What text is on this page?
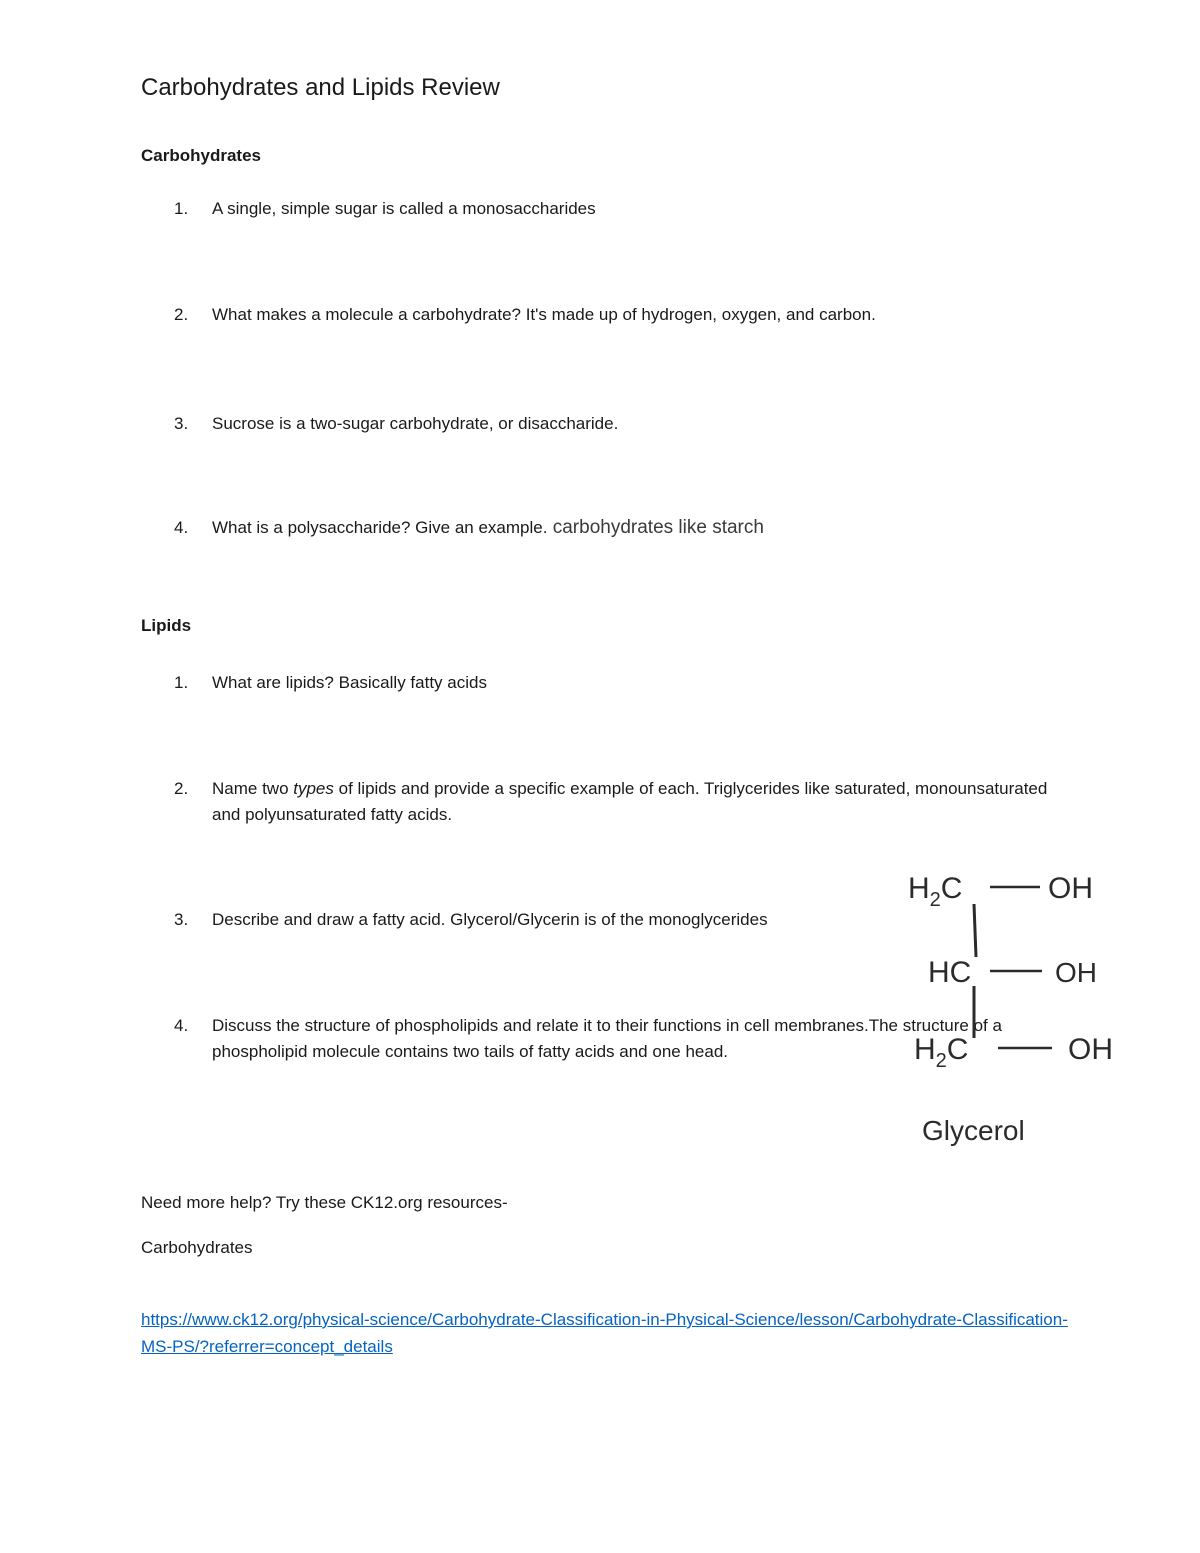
Carbohydrates and Lipids Review
Carbohydrates
1.	A single, simple sugar is called a monosaccharides
2.	What makes a molecule a carbohydrate? It's made up of hydrogen, oxygen, and carbon.
3.	Sucrose is a two-sugar carbohydrate, or disaccharide.
4.	What is a polysaccharide? Give an example. carbohydrates like starch
Lipids
1.	What are lipids? Basically fatty acids
2.	Name two types of lipids and provide a specific example of each. Triglycerides like saturated, monounsaturated and polyunsaturated fatty acids.
3.	Describe and draw a fatty acid. Glycerol/Glycerin is of the monoglycerides
4.	Discuss the structure of phospholipids and relate it to their functions in cell membranes.The structure of a phospholipid molecule contains two tails of fatty acids and one head.
$H_2C$	OH
HC	OH
$H_2C$	OH
Glycerol
Need more help? Try these CK12.org resources-
Carbohydrates
https://www.ck12.org/physical-science/Carbohydrate-Classification-in-Physical-Science/lesson/Carbohydrate-Classification-MS-PS/?referrer=concept_details
